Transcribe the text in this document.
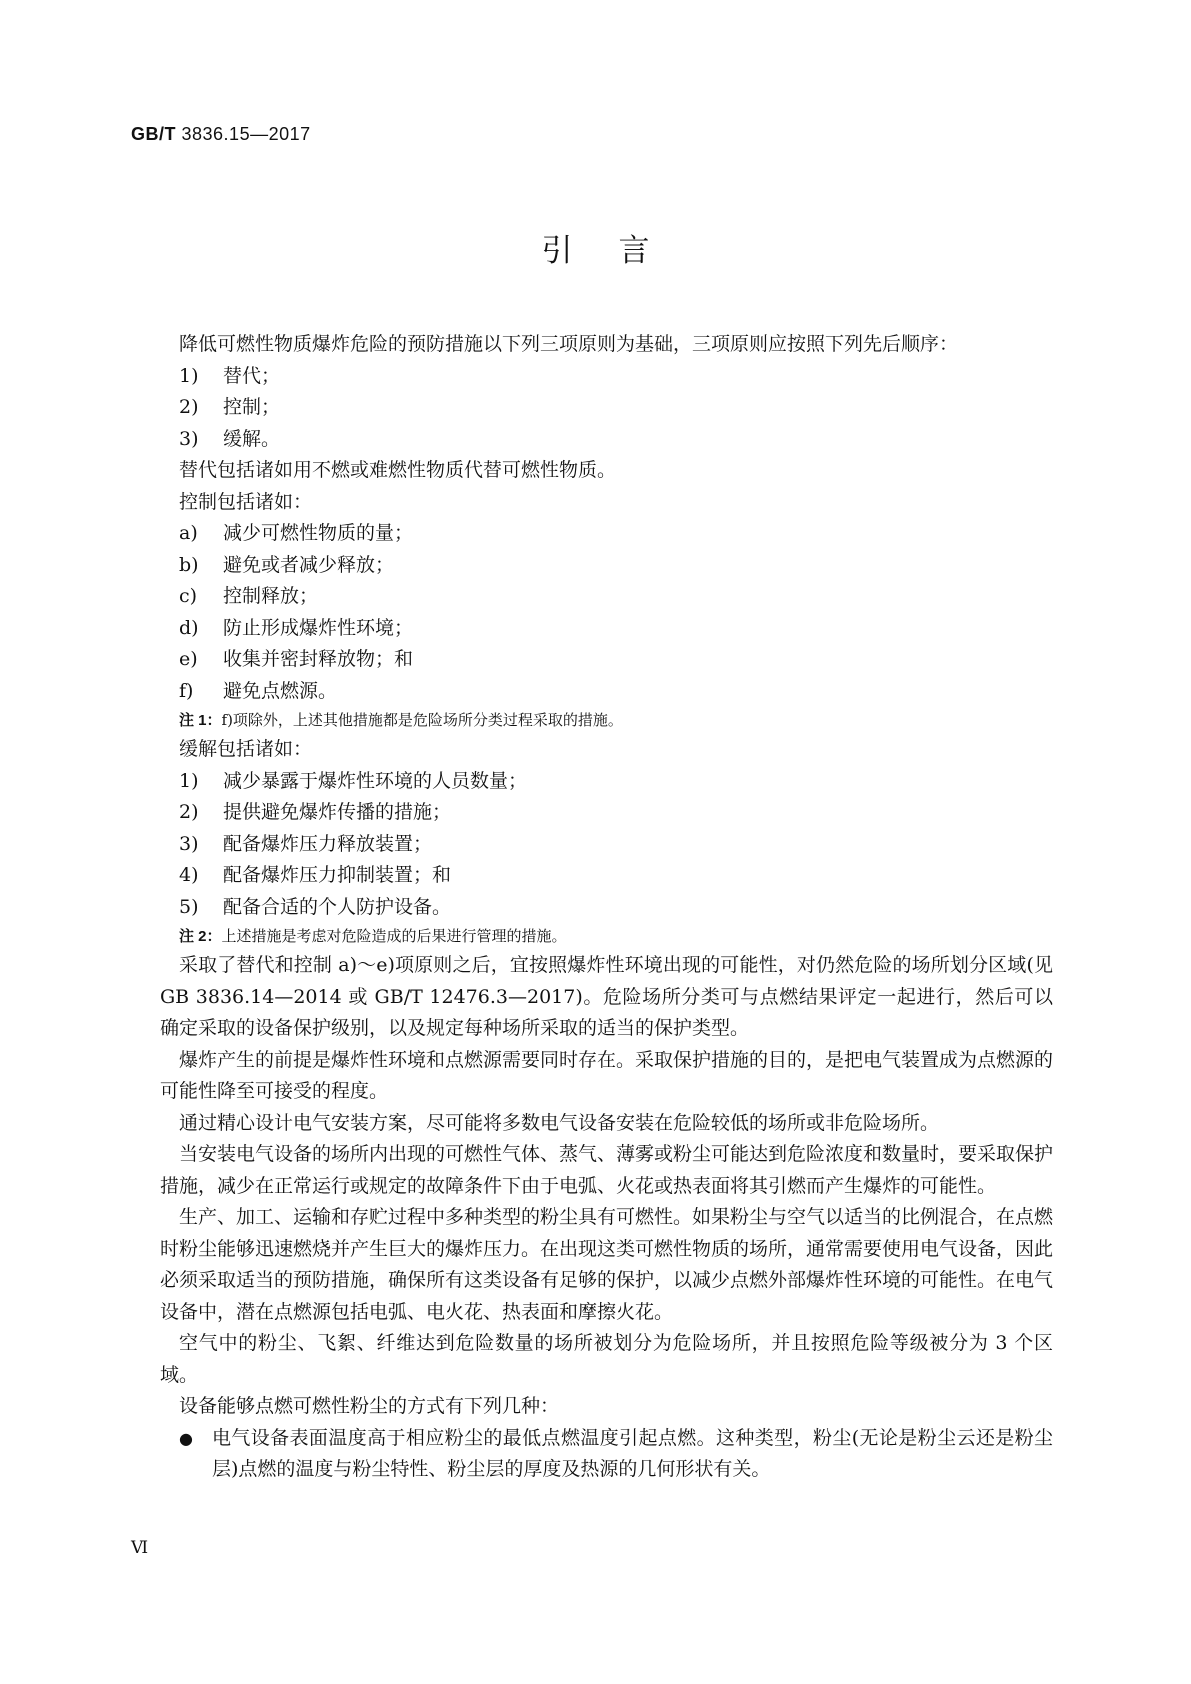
GB/T 3836.15—2017
引言

降低可燃性物质爆炸危险的预防措施以下列三项原则为基础，三项原则应按照下列先后顺序：

1) 替代；

2) 控制；

3) 缓解。

替代包括诸如用不燃或难燃性物质代替可燃性物质。

控制包括诸如：

a) 减少可燃性物质的量；

b) 避免或者减少释放；

c) 控制释放；

d) 防止形成爆炸性环境；

e) 收集并密封释放物；和

f) 避免点燃源。

注 1：f)项除外，上述其他措施都是危险场所分类过程采取的措施。

缓解包括诸如：

1) 减少暴露于爆炸性环境的人员数量；

2) 提供避免爆炸传播的措施；

3) 配备爆炸压力释放装置；

4) 配备爆炸压力抑制装置；和

5) 配备合适的个人防护设备。

注 2：上述措施是考虑对危险造成的后果进行管理的措施。

采取了替代和控制 a)～e)项原则之后，宜按照爆炸性环境出现的可能性，对仍然危险的场所划分区域(见 GB 3836.14—2014 或 GB/T 12476.3—2017)。危险场所分类可与点燃结果评定一起进行，然后可以确定采取的设备保护级别，以及规定每种场所采取的适当的保护类型。

爆炸产生的前提是爆炸性环境和点燃源需要同时存在。采取保护措施的目的，是把电气装置成为点燃源的可能性降至可接受的程度。

通过精心设计电气安装方案，尽可能将多数电气设备安装在危险较低的场所或非危险场所。

当安装电气设备的场所内出现的可燃性气体、蒸气、薄雾或粉尘可能达到危险浓度和数量时，要采取保护措施，减少在正常运行或规定的故障条件下由于电弧、火花或热表面将其引燃而产生爆炸的可能性。

生产、加工、运输和存贮过程中多种类型的粉尘具有可燃性。如果粉尘与空气以适当的比例混合，在点燃时粉尘能够迅速燃烧并产生巨大的爆炸压力。在出现这类可燃性物质的场所，通常需要使用电气设备，因此必须采取适当的预防措施，确保所有这类设备有足够的保护，以减少点燃外部爆炸性环境的可能性。在电气设备中，潜在点燃源包括电弧、电火花、热表面和摩擦火花。

空气中的粉尘、飞絮、纤维达到危险数量的场所被划分为危险场所，并且按照危险等级被分为 3 个区域。

设备能够点燃可燃性粉尘的方式有下列几种：

●	电气设备表面温度高于相应粉尘的最低点燃温度引起点燃。这种类型，粉尘(无论是粉尘云还是粉尘层)点燃的温度与粉尘特性、粉尘层的厚度及热源的几何形状有关。
Ⅵ
